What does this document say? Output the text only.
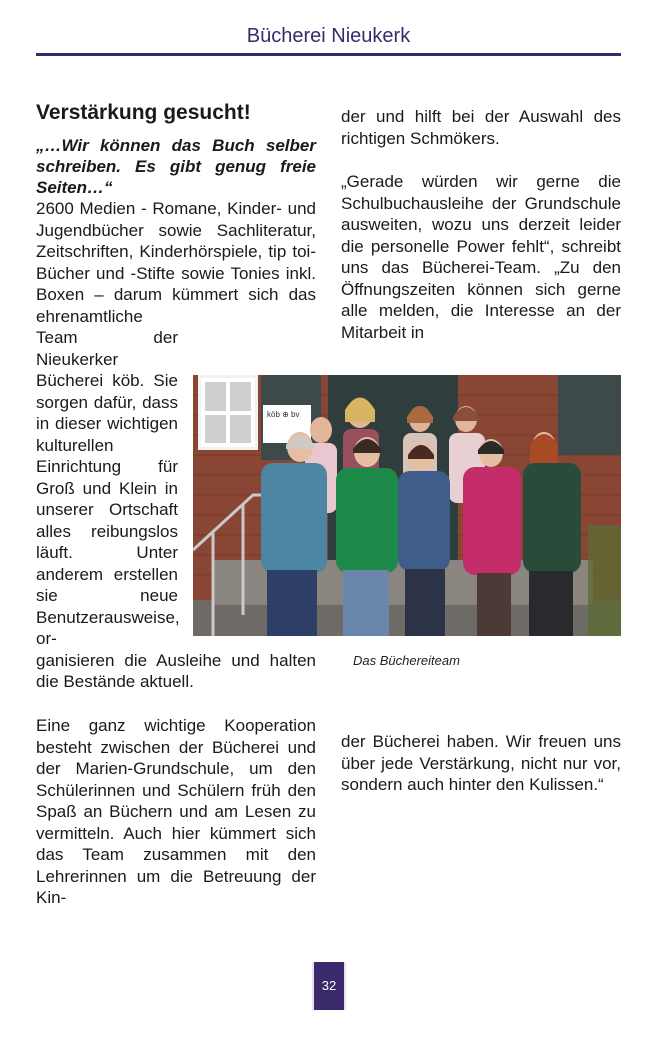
Bücherei Nieukerk
Verstärkung gesucht!

„…Wir können das Buch selber schreiben. Es gibt genug freie Seiten…“

2600 Medien - Romane, Kinder- und Jugendbücher sowie Sachliteratur, Zeitschriften, Kinderhörspiele, tip toi-Bücher und -Stifte sowie Tonies inkl. Boxen – darum kümmert sich das ehrenamtliche

Team der Nieukerker Bücherei köb. Sie sorgen dafür, dass in dieser wichtigen kulturellen Einrichtung für Groß und Klein in unserer Ortschaft alles reibungslos läuft. Unter anderem erstellen sie neue Benutzerausweise, or-

ganisieren die Ausleihe und halten die Bestände aktuell.

Eine ganz wichtige Kooperation besteht zwischen der Bücherei und der Marien-Grundschule, um den Schülerinnen und Schülern früh den Spaß an Büchern und am Lesen zu vermitteln. Auch hier kümmert sich das Team zusammen mit den Lehrerinnen um die Betreuung der Kin-

der und hilft bei der Auswahl des richtigen Schmökers.

„Gerade würden wir gerne die Schulbuchausleihe der Grundschule ausweiten, wozu uns derzeit leider die personelle Power fehlt“, schreibt uns das Bücherei-Team. „Zu den Öffnungszeiten können sich gerne alle melden, die Interesse an der Mitarbeit in

der Bücherei haben. Wir freuen uns über jede Verstärkung, nicht nur vor, sondern auch hinter den Kulissen.“

köb ⊕ bv
Das Büchereiteam
32
